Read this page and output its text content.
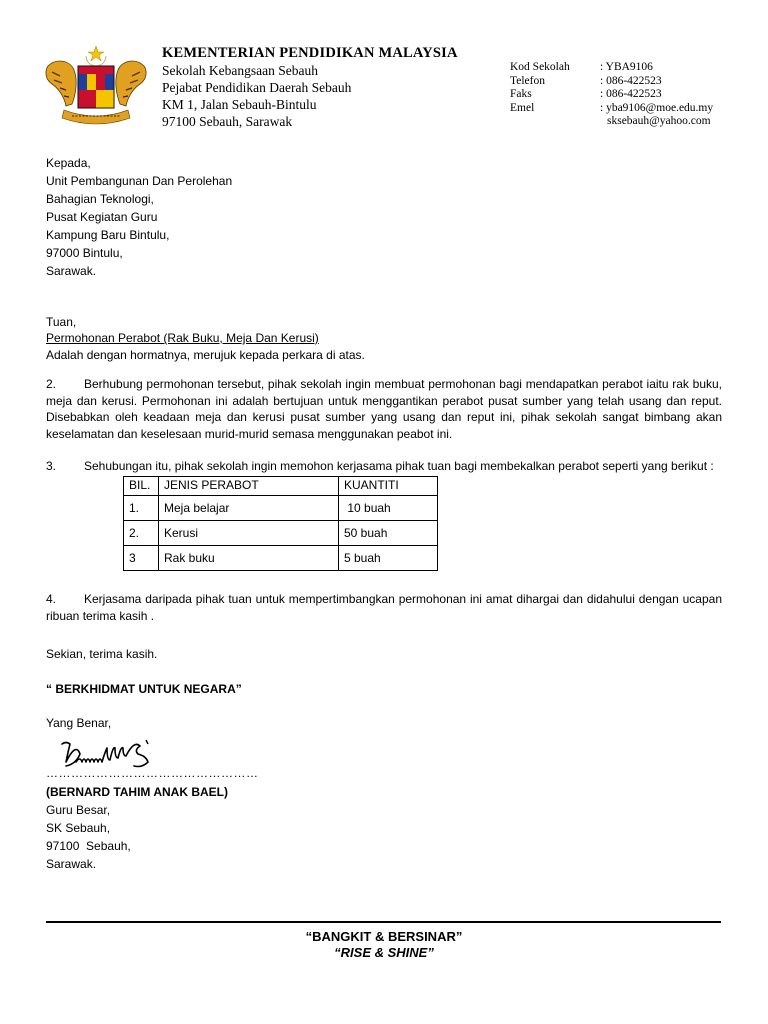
KEMENTERIAN PENDIDIKAN MALAYSIA
Sekolah Kebangsaan Sebauh
Pejabat Pendidikan Daerah Sebauh
KM 1, Jalan Sebauh-Bintulu
97100 Sebauh, Sarawak
Kod Sekolah	: YBA9106
Telefon	: 086-422523
Faks	: 086-422523
Emel	: yba9106@moe.edu.my
sksebauh@yahoo.com
Kepada,
Unit Pembangunan Dan Perolehan
Bahagian Teknologi,
Pusat Kegiatan Guru
Kampung Baru Bintulu,
97000 Bintulu,
Sarawak.
Tuan,
Permohonan Perabot (Rak Buku, Meja Dan Kerusi)
Adalah dengan hormatnya, merujuk kepada perkara di atas.
2. Berhubung permohonan tersebut, pihak sekolah ingin membuat permohonan bagi mendapatkan perabot iaitu rak buku, meja dan kerusi. Permohonan ini adalah bertujuan untuk menggantikan perabot pusat sumber yang telah usang dan reput. Disebabkan oleh keadaan meja dan kerusi pusat sumber yang usang dan reput ini, pihak sekolah sangat bimbang akan keselamatan dan keselesaan murid-murid semasa menggunakan peabot ini.
3. Sehubungan itu, pihak sekolah ingin memohon kerjasama pihak tuan bagi membekalkan perabot seperti yang berikut :
BIL.	JENIS PERABOT	KUANTITI
1.	Meja belajar	10 buah
2.	Kerusi	50 buah
3	Rak buku	5 buah
4. Kerjasama daripada pihak tuan untuk mempertimbangkan permohonan ini amat dihargai dan didahului dengan ucapan ribuan terima kasih .
Sekian, terima kasih.
“ BERKHIDMAT UNTUK NEGARA”
Yang Benar,
……………………………………………
(BERNARD TAHIM ANAK BAEL)
Guru Besar,
SK Sebauh,
97100  Sebauh,
Sarawak.
“BANGKIT & BERSINAR”
“RISE & SHINE”
